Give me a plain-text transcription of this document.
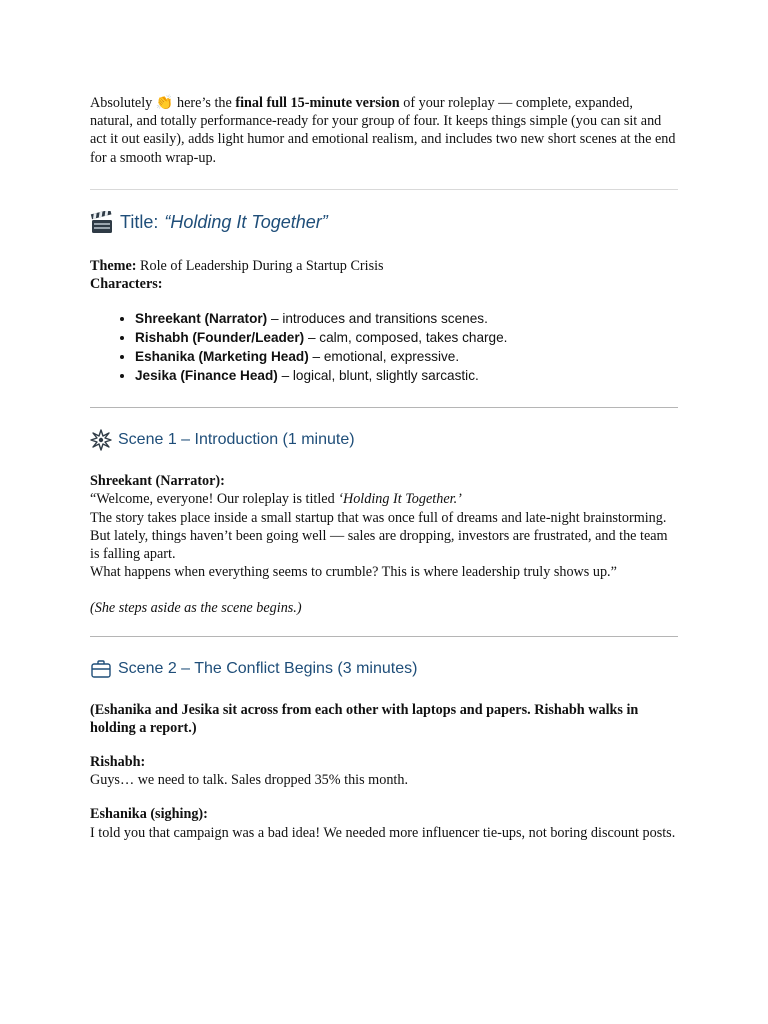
Absolutely 👏 here’s the final full 15-minute version of your roleplay — complete, expanded, natural, and totally performance-ready for your group of four. It keeps things simple (you can sit and act it out easily), adds light humor and emotional realism, and includes two new short scenes at the end for a smooth wrap-up.

Title: “Holding It Together”

Theme: Role of Leadership During a Startup Crisis

Characters:

• Shreekant (Narrator) – introduces and transitions scenes.
• Rishabh (Founder/Leader) – calm, composed, takes charge.
• Eshanika (Marketing Head) – emotional, expressive.
• Jesika (Finance Head) – logical, blunt, slightly sarcastic.
Scene 1 – Introduction (1 minute)

Shreekant (Narrator):

“Welcome, everyone! Our roleplay is titled ‘Holding It Together.’

The story takes place inside a small startup that was once full of dreams and late-night brainstorming. But lately, things haven’t been going well — sales are dropping, investors are frustrated, and the team is falling apart.

What happens when everything seems to crumble? This is where leadership truly shows up.”

(She steps aside as the scene begins.)

Scene 2 – The Conflict Begins (3 minutes)

(Eshanika and Jesika sit across from each other with laptops and papers. Rishabh walks in holding a report.)

Rishabh:

Guys… we need to talk. Sales dropped 35% this month.

Eshanika (sighing):

I told you that campaign was a bad idea! We needed more influencer tie-ups, not boring discount posts.
